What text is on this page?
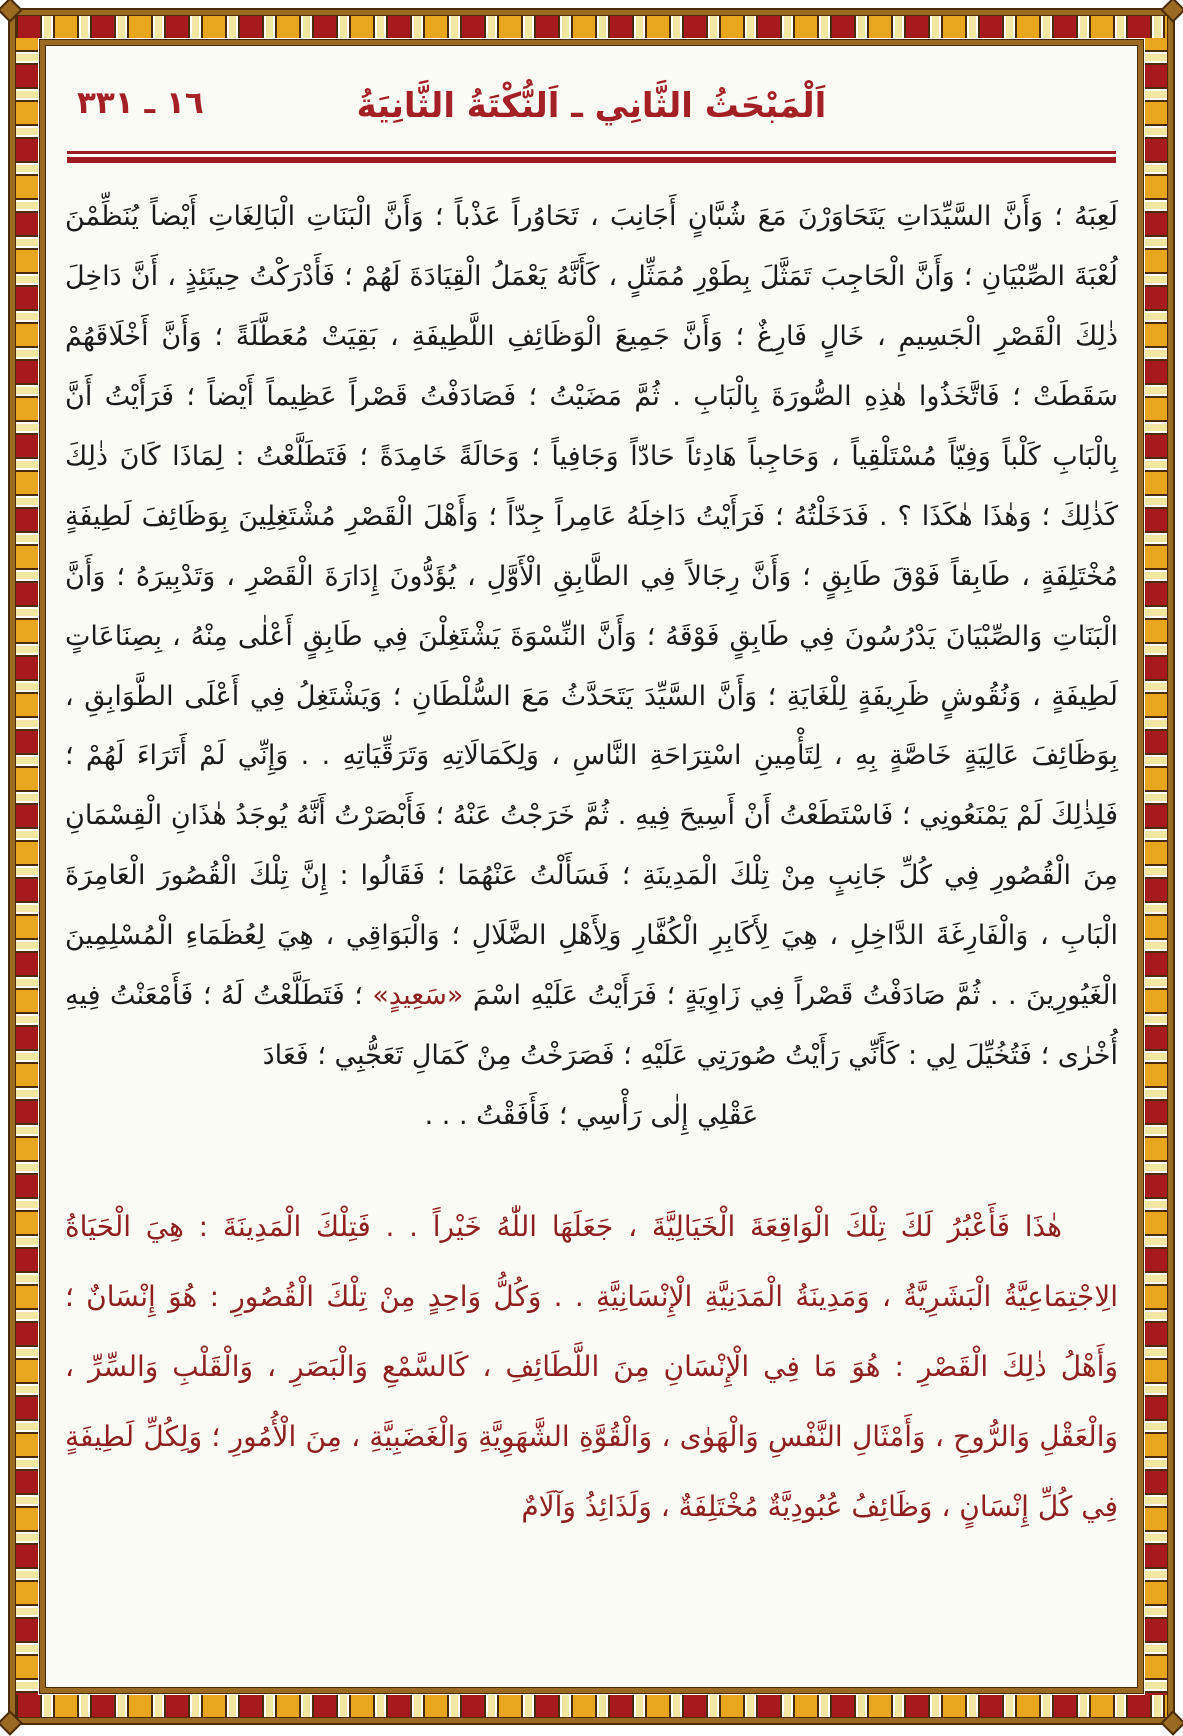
١٦ ـ ٣٣١	اَلْمَبْحَثُ الثَّانِي ـ اَلنُّكْتَةُ الثَّانِيَةُ

لَعِبَهُ ؛ وَأَنَّ السَّيِّدَاتِ يَتَحَاوَرْنَ مَعَ شُبَّانٍ أَجَانِبَ ، تَحَاوُراً عَذْباً ؛ وَأَنَّ الْبَنَاتِ الْبَالِغَاتِ أَيْضاً يُنَظِّمْنَ لُعْبَةَ الصِّبْيَانِ ؛ وَأَنَّ الْحَاجِبَ تَمَثَّلَ بِطَوْرِ مُمَثِّلٍ ، كَأَنَّهُ يَعْمَلُ الْقِيَادَةَ لَهُمْ ؛ فَأَدْرَكْتُ حِينَئِذٍ ، أَنَّ دَاخِلَ ذٰلِكَ الْقَصْرِ الْجَسِيمِ ، خَالٍ فَارِغٌ ؛ وَأَنَّ جَمِيعَ الْوَظَائِفِ اللَّطِيفَةِ ، بَقِيَتْ مُعَطَّلَةً ؛ وَأَنَّ أَخْلَاقَهُمْ سَقَطَتْ ؛ فَاتَّخَذُوا هٰذِهِ الصُّورَةَ بِالْبَابِ . ثُمَّ مَضَيْتُ ؛ فَصَادَفْتُ قَصْراً عَظِيماً أَيْضاً ؛ فَرَأَيْتُ أَنَّ بِالْبَابِ كَلْباً وَفِيّاً مُسْتَلْقِياً ، وَحَاجِباً هَادِئاً حَادّاً وَجَافِياً ؛ وَحَالَةً خَامِدَةً ؛ فَتَطَلَّعْتُ : لِمَاذَا كَانَ ذٰلِكَ كَذٰلِكَ ؛ وَهٰذَا هٰكَذَا ؟ . فَدَخَلْتُهُ ؛ فَرَأَيْتُ دَاخِلَهُ عَامِراً جِدّاً ؛ وَأَهْلَ الْقَصْرِ مُشْتَغِلِينَ بِوَظَائِفَ لَطِيفَةٍ مُخْتَلِفَةٍ ، طَابِقاً فَوْقَ طَابِقٍ ؛ وَأَنَّ رِجَالاً فِي الطَّابِقِ الْأَوَّلِ ، يُؤَدُّونَ إِدَارَةَ الْقَصْرِ ، وَتَدْبِيرَهُ ؛ وَأَنَّ الْبَنَاتِ وَالصِّبْيَانَ يَدْرُسُونَ فِي طَابِقٍ فَوْقَهُ ؛ وَأَنَّ النِّسْوَةَ يَشْتَغِلْنَ فِي طَابِقٍ أَعْلٰى مِنْهُ ، بِصِنَاعَاتٍ لَطِيفَةٍ ، وَنُقُوشٍ ظَرِيفَةٍ لِلْغَايَةِ ؛ وَأَنَّ السَّيِّدَ يَتَحَدَّثُ مَعَ السُّلْطَانِ ؛ وَيَشْتَغِلُ فِي أَعْلَى الطَّوَابِقِ ، بِوَظَائِفَ عَالِيَةٍ خَاصَّةٍ بِهِ ، لِتَأْمِينِ اسْتِرَاحَةِ النَّاسِ ، وَلِكَمَالَاتِهِ وَتَرَقِّيَاتِهِ . . وَإِنِّي لَمْ أَتَرَاءَ لَهُمْ ؛ فَلِذٰلِكَ لَمْ يَمْنَعُونِي ؛ فَاسْتَطَعْتُ أَنْ أَسِيحَ فِيهِ . ثُمَّ خَرَجْتُ عَنْهُ ؛ فَأَبْصَرْتُ أَنَّهُ يُوجَدُ هٰذَانِ الْقِسْمَانِ مِنَ الْقُصُورِ فِي كُلِّ جَانِبٍ مِنْ تِلْكَ الْمَدِينَةِ ؛ فَسَأَلْتُ عَنْهُمَا ؛ فَقَالُوا : إِنَّ تِلْكَ الْقُصُورَ الْعَامِرَةَ الْبَابِ ، وَالْفَارِغَةَ الدَّاخِلِ ، هِيَ لِأَكَابِرِ الْكُفَّارِ وَلِأَهْلِ الضَّلَالِ ؛ وَالْبَوَاقِي ، هِيَ لِعُظَمَاءِ الْمُسْلِمِينَ الْغَيُورِينَ . . ثُمَّ صَادَفْتُ قَصْراً فِي زَاوِيَةٍ ؛ فَرَأَيْتُ عَلَيْهِ اسْمَ «سَعِيدٍ» ؛ فَتَطَلَّعْتُ لَهُ ؛ فَأَمْعَنْتُ فِيهِ أُخْرٰى ؛ فَتُخُيِّلَ لِي : كَأَنِّي رَأَيْتُ صُورَتِي عَلَيْهِ ؛ فَصَرَخْتُ مِنْ كَمَالِ تَعَجُّبِي ؛ فَعَادَ

عَقْلِي إِلٰى رَأْسِي ؛ فَأَفَقْتُ . . .

هٰذَا فَأَعْبُرُ لَكَ تِلْكَ الْوَاقِعَةَ الْخَيَالِيَّةَ ، جَعَلَهَا اللّٰهُ خَيْراً . . فَتِلْكَ الْمَدِينَةَ : هِيَ الْحَيَاةُ الِاجْتِمَاعِيَّةُ الْبَشَرِيَّةُ ، وَمَدِينَةُ الْمَدَنِيَّةِ الْإِنْسَانِيَّةِ . . وَكُلُّ وَاحِدٍ مِنْ تِلْكَ الْقُصُورِ : هُوَ إِنْسَانٌ ؛ وَأَهْلُ ذٰلِكَ الْقَصْرِ : هُوَ مَا فِي الْإِنْسَانِ مِنَ اللَّطَائِفِ ، كَالسَّمْعِ وَالْبَصَرِ ، وَالْقَلْبِ وَالسِّرِّ ، وَالْعَقْلِ وَالرُّوحِ ، وَأَمْثَالِ النَّفْسِ وَالْهَوٰى ، وَالْقُوَّةِ الشَّهَوِيَّةِ وَالْغَضَبِيَّةِ ، مِنَ الْأُمُورِ ؛ وَلِكُلِّ لَطِيفَةٍ فِي كُلِّ إِنْسَانٍ ، وَظَائِفُ عُبُودِيَّةٌ مُخْتَلِفَةٌ ، وَلَذَائِذُ وَآلَامٌ
